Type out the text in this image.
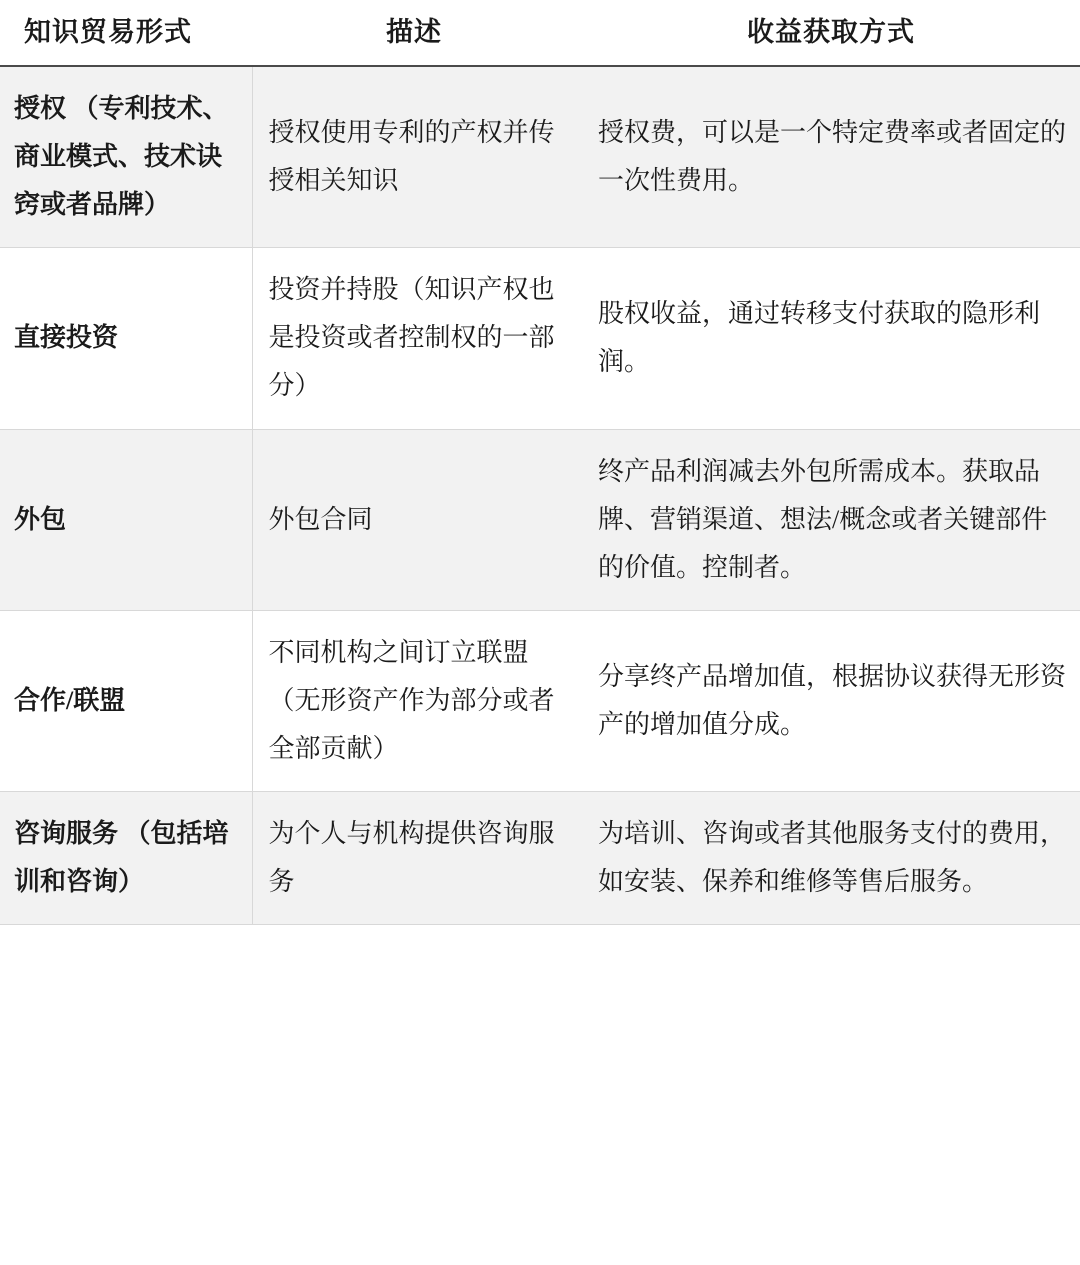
知识贸易形式	描述	收益获取方式

授权 （专利技术、商业模式、技术诀窍或者品牌）	授权使用专利的产权并传授相关知识	授权费，可以是一个特定费率或者固定的一次性费用。

直接投资	投资并持股（知识产权也是投资或者控制权的一部分）	股权收益，通过转移支付获取的隐形利润。

外包	外包合同	终产品利润减去外包所需成本。获取品牌、营销渠道、想法/概念或者关键部件的价值。控制者。

合作/联盟	不同机构之间订立联盟（无形资产作为部分或者全部贡献）	分享终产品增加值，根据协议获得无形资产的增加值分成。

咨询服务 （包括培训和咨询）	为个人与机构提供咨询服务	为培训、咨询或者其他服务支付的费用，如安装、保养和维修等售后服务。
